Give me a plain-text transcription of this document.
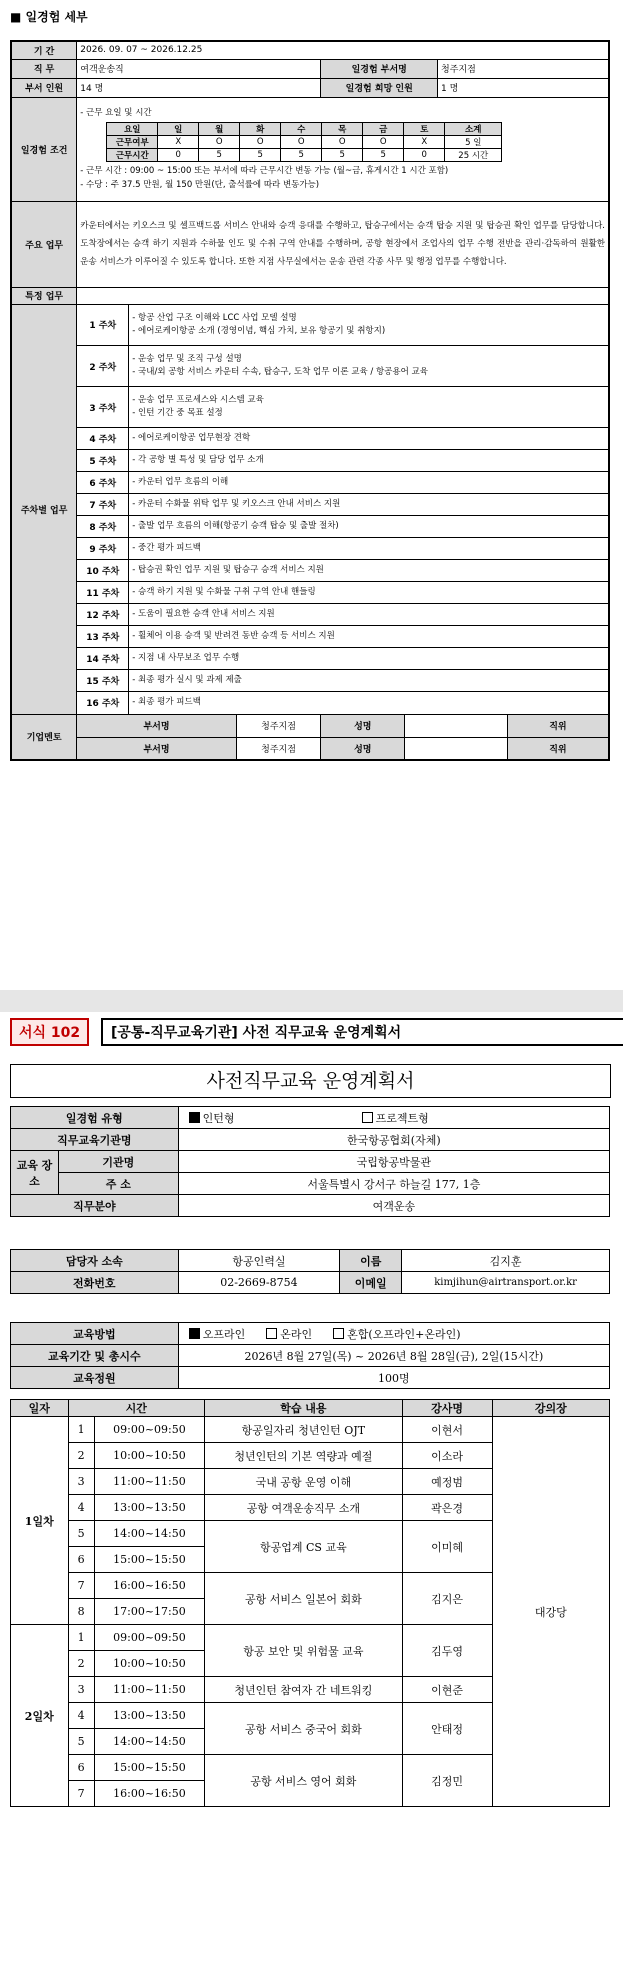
■ 일경험 세부
기 간	2026. 09. 07 ~ 2026.12.25
직 무	여객운송직	일경험 부서명	청주지점
부서 인원	14 명	일경험 희망 인원	1 명
일경험 조건	
- 근무 요일 및 시간
요일	일	월	화	수	목	금	토	소계
근무여부	X	O	O	O	O	O	X	5 일
근무시간	0	5	5	5	5	5	0	25 시간
- 근무 시간 : 09:00 ~ 15:00 또는 부서에 따라 근무시간 변동 가능 (월~금, 휴게시간 1 시간 포함)
- 수당 : 주 37.5 만원, 월 150 만원(단, 출석률에 따라 변동가능)

주요 업무	카운터에서는 키오스크 및 셀프백드롭 서비스 안내와 승객 응대를 수행하고, 탑승구에서는 승객 탑승 지원 및 탑승권 확인 업무를 담당합니다. 도착장에서는 승객 하기 지원과 수하물 인도 및 수취 구역 안내를 수행하며, 공항 현장에서 조업사의 업무 수행 전반을 관리·감독하여 원활한 운송 서비스가 이루어질 수 있도록 합니다. 또한 지점 사무실에서는 운송 관련 각종 사무 및 행정 업무를 수행합니다.
특정 업무	
주차별 업무	
1 주차	
- 항공 산업 구조 이해와 LCC 사업 모델 설명
- 에어로케이항공 소개 (경영이념, 핵심 가치, 보유 항공기 및 취항지)

2 주차	
- 운송 업무 및 조직 구성 설명
- 국내/외 공항 서비스 카운터 수속, 탑승구, 도착 업무 이론 교육 / 항공용어 교육

3 주차	
- 운송 업무 프로세스와 시스템 교육
- 인턴 기간 중 목표 설정

4 주차	- 에어로케이항공 업무현장 견학

5 주차	- 각 공항 별 특성 및 담당 업무 소개

6 주차	- 카운터 업무 흐름의 이해

7 주차	- 카운터 수화물 위탁 업무 및 키오스크 안내 서비스 지원

8 주차	- 출발 업무 흐름의 이해(항공기 승객 탑승 및 출발 절차)

9 주차	- 중간 평가 피드백

10 주차	- 탑승권 확인 업무 지원 및 탑승구 승객 서비스 지원

11 주차	- 승객 하기 지원 및 수화물 구취 구역 안내 핸들링

12 주차	- 도움이 필요한 승객 안내 서비스 지원

13 주차	- 휠체어 이용 승객 및 반려견 동반 승객 등 서비스 지원

14 주차	- 지점 내 사무보조 업무 수행

15 주차	- 최종 평가 실시 및 과제 제출

16 주차	- 최종 평가 피드백

기업멘토	부서명	청주지점	성명		직위
부서명	청주지점	성명		직위
서식 102	[공통-직무교육기관] 사전 직무교육 운영계획서
사전직무교육 운영계획서
일경험 유형		인턴형 프로젝트형
직무교육기관명		한국항공협회(자체)
교육 장소	기관명	국립항공박물관
	주 소	서울특별시 강서구 하늘길 177, 1층
직무분야		여객운송
담당자 소속	항공인력실	이름	김지훈
전화번호	02-2669-8754	이메일	kimjihun@airtransport.or.kr
교육방법	오프라인 온라인 혼합(오프라인+온라인)
교육기간 및 총시수	2026년 8월 27일(목) ~ 2026년 8월 28일(금), 2일(15시간)
교육정원	100명
일자	시간		학습 내용	강사명	강의장
1일차	1	09:00~09:50	항공일자리 청년인턴 OJT	이현서	대강당
	2	10:00~10:50	청년인턴의 기본 역량과 예절	이소라	
	3	11:00~11:50	국내 공항 운영 이해	예정범	
	4	13:00~13:50	공항 여객운송직무 소개	곽은경	
	5	14:00~14:50	항공업계 CS 교육	이미혜	
	6	15:00~15:50			
	7	16:00~16:50	공항 서비스 일본어 회화	김지은	
	8	17:00~17:50			
2일차	1	09:00~09:50	항공 보안 및 위험물 교육	김두영	
	2	10:00~10:50			
	3	11:00~11:50	청년인턴 참여자 간 네트워킹	이현준	
	4	13:00~13:50	공항 서비스 중국어 회화	안태정	
	5	14:00~14:50			
	6	15:00~15:50	공항 서비스 영어 회화	김정민	
	7	16:00~16:50			
